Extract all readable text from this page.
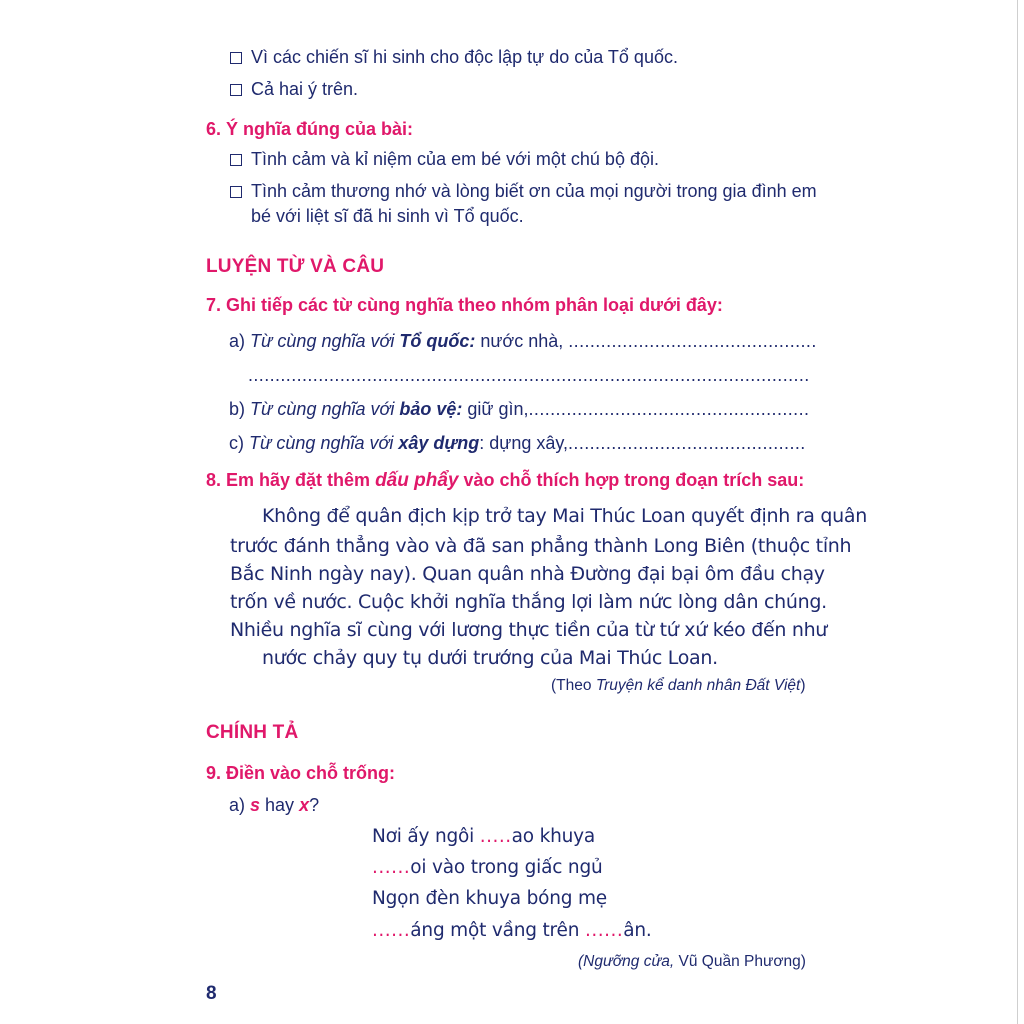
Vì các chiến sĩ hi sinh cho độc lập tự do của Tổ quốc.
Cả hai ý trên.
6. Ý nghĩa đúng của bài:
Tình cảm và kỉ niệm của em bé với một chú bộ đội.
Tình cảm thương nhớ và lòng biết ơn của mọi người trong gia đình em
bé với liệt sĩ đã hi sinh vì Tổ quốc.
LUYỆN TỪ VÀ CÂU
7. Ghi tiếp các từ cùng nghĩa theo nhóm phân loại dưới đây:
a) Từ cùng nghĩa với Tổ quốc: nước nhà, ..............................................
........................................................................................................
b) Từ cùng nghĩa với bảo vệ: giữ gìn,....................................................
c) Từ cùng nghĩa với xây dựng: dựng xây,............................................
8. Em hãy đặt thêm dấu phẩy vào chỗ thích hợp trong đoạn trích sau:
Không để quân địch kịp trở tay Mai Thúc Loan quyết định ra quân
trước đánh thẳng vào và đã san phẳng thành Long Biên (thuộc tỉnh
Bắc Ninh ngày nay). Quan quân nhà Đường đại bại ôm đầu chạy
trốn về nước. Cuộc khởi nghĩa thắng lợi làm nức lòng dân chúng.
Nhiều nghĩa sĩ cùng với lương thực tiền của từ tứ xứ kéo đến như
nước chảy quy tụ dưới trướng của Mai Thúc Loan.
(Theo Truyện kể danh nhân Đất Việt)
CHÍNH TẢ
9. Điền vào chỗ trống:
a) s hay x?
Nơi ấy ngôi .....ao khuya
......oi vào trong giấc ngủ
Ngọn đèn khuya bóng mẹ
......áng một vầng trên ......ân.
(Ngưỡng cửa, Vũ Quần Phương)
8
